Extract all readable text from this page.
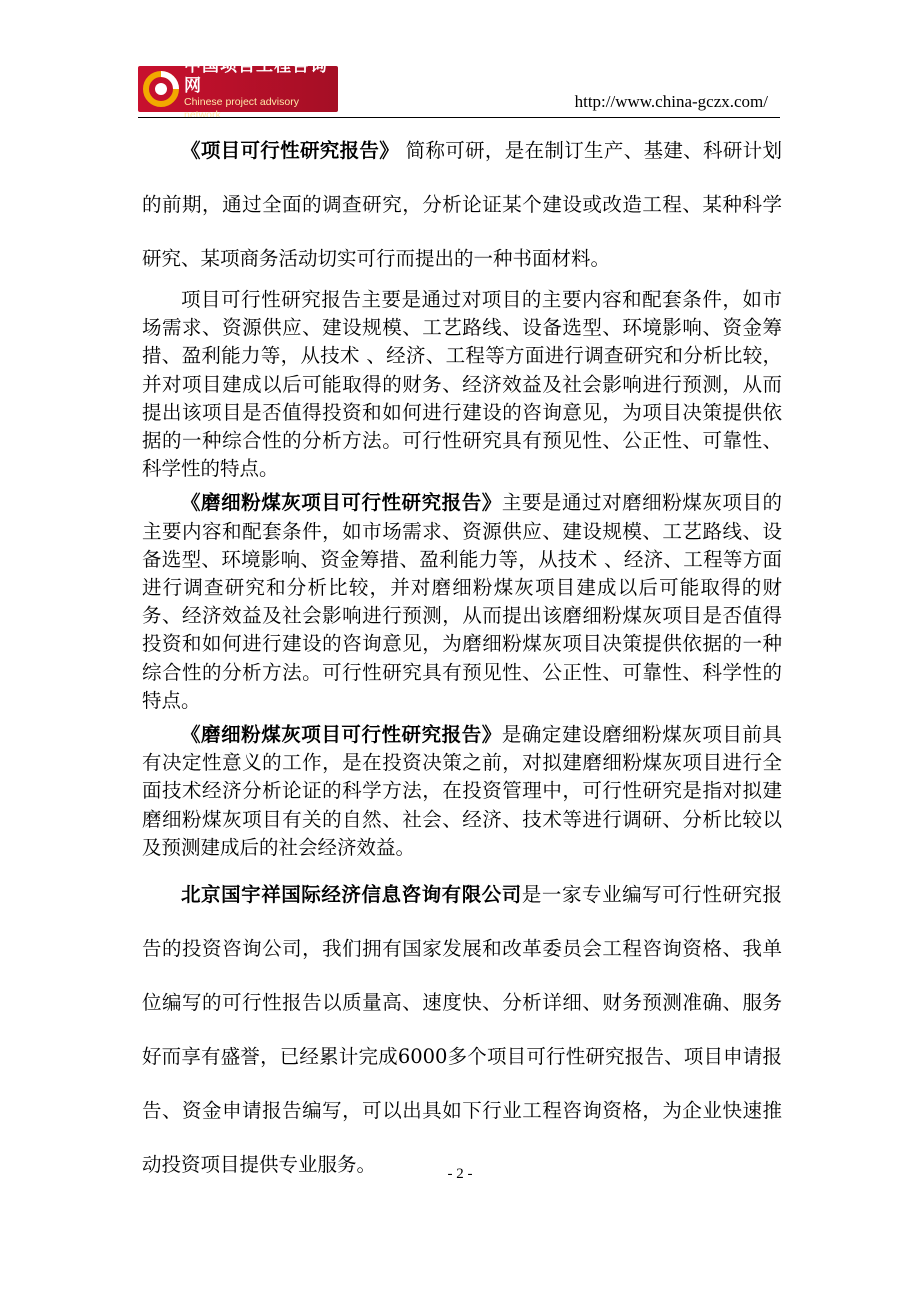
中国项目工程咨询网
Chinese project advisory network
http://www.china-gczx.com/

《项目可行性研究报告》 简称可研，是在制订生产、基建、科研计划的前期，通过全面的调查研究，分析论证某个建设或改造工程、某种科学研究、某项商务活动切实可行而提出的一种书面材料。

项目可行性研究报告主要是通过对项目的主要内容和配套条件，如市场需求、资源供应、建设规模、工艺路线、设备选型、环境影响、资金筹措、盈利能力等，从技术 、经济、工程等方面进行调查研究和分析比较，并对项目建成以后可能取得的财务、经济效益及社会影响进行预测，从而提出该项目是否值得投资和如何进行建设的咨询意见，为项目决策提供依据的一种综合性的分析方法。可行性研究具有预见性、公正性、可靠性、科学性的特点。

《磨细粉煤灰项目可行性研究报告》主要是通过对磨细粉煤灰项目的主要内容和配套条件，如市场需求、资源供应、建设规模、工艺路线、设备选型、环境影响、资金筹措、盈利能力等，从技术 、经济、工程等方面进行调查研究和分析比较，并对磨细粉煤灰项目建成以后可能取得的财务、经济效益及社会影响进行预测，从而提出该磨细粉煤灰项目是否值得投资和如何进行建设的咨询意见，为磨细粉煤灰项目决策提供依据的一种综合性的分析方法。可行性研究具有预见性、公正性、可靠性、科学性的特点。

《磨细粉煤灰项目可行性研究报告》是确定建设磨细粉煤灰项目前具有决定性意义的工作，是在投资决策之前，对拟建磨细粉煤灰项目进行全面技术经济分析论证的科学方法，在投资管理中，可行性研究是指对拟建磨细粉煤灰项目有关的自然、社会、经济、技术等进行调研、分析比较以及预测建成后的社会经济效益。

北京国宇祥国际经济信息咨询有限公司是一家专业编写可行性研究报告的投资咨询公司，我们拥有国家发展和改革委员会工程咨询资格、我单位编写的可行性报告以质量高、速度快、分析详细、财务预测准确、服务好而享有盛誉，已经累计完成6000多个项目可行性研究报告、项目申请报告、资金申请报告编写，可以出具如下行业工程咨询资格，为企业快速推动投资项目提供专业服务。	- 2 -
